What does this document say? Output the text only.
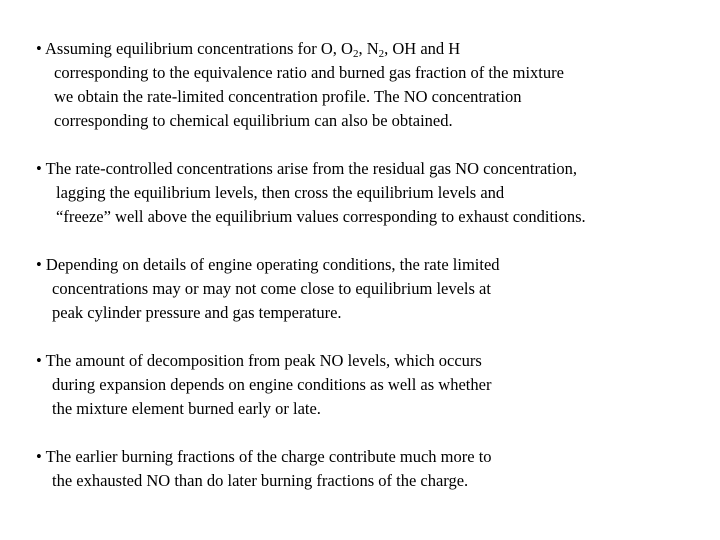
• Assuming equilibrium concentrations for O, $O_2$, $N_2$, OH and H
corresponding to the equivalence ratio and burned gas fraction of the mixture
we obtain the rate-limited concentration profile. The NO concentration
corresponding to chemical equilibrium can also be obtained.
• The rate-controlled concentrations arise from the residual gas NO concentration,
lagging the equilibrium levels, then cross the equilibrium levels and
“freeze” well above the equilibrium values corresponding to exhaust conditions.
• Depending on details of engine operating conditions, the rate limited
concentrations may or may not come close to equilibrium levels at
peak cylinder pressure and gas temperature.
• The amount of decomposition from peak NO levels, which occurs
during expansion depends on engine conditions as well as whether
the mixture element burned early or late.
• The earlier burning fractions of the charge contribute much more to
the exhausted NO than do later burning fractions of the charge.
